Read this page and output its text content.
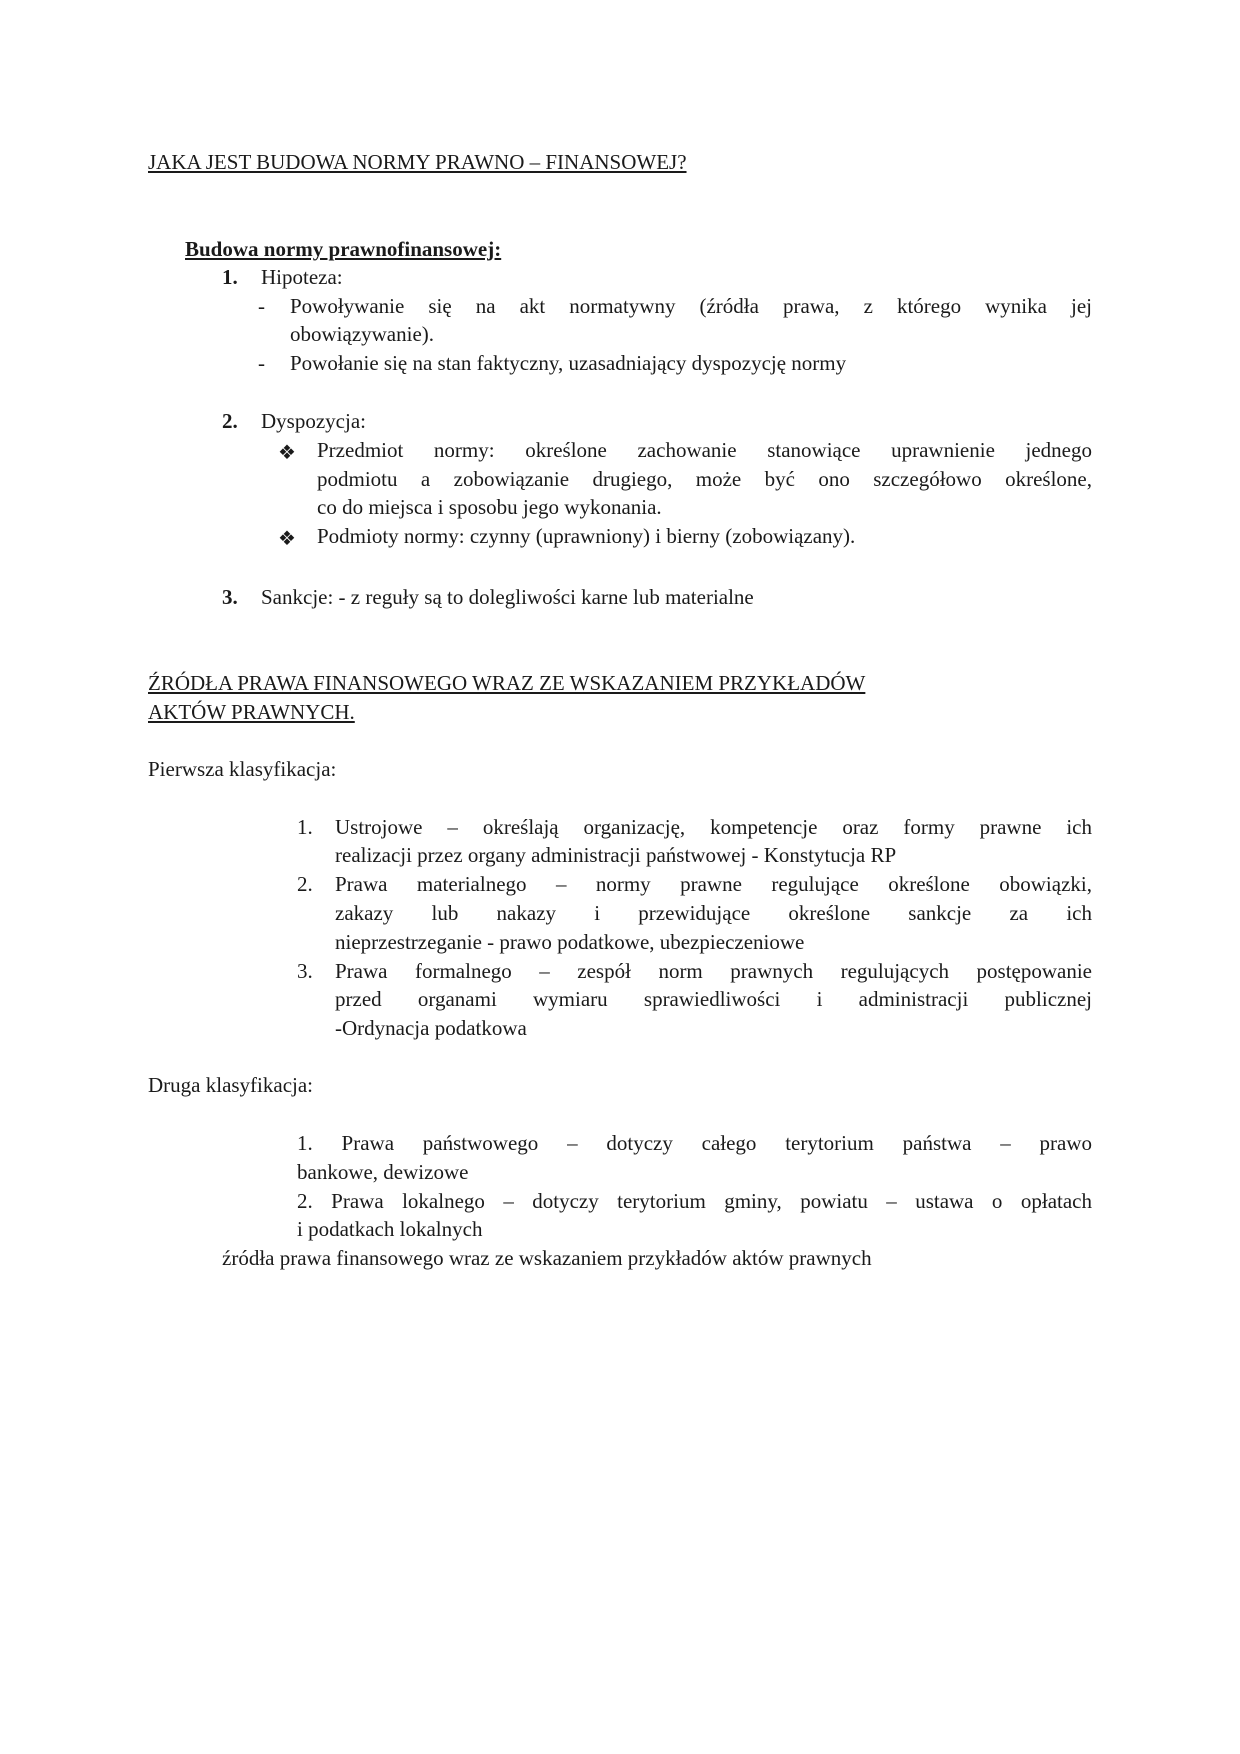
JAKA JEST BUDOWA NORMY PRAWNO – FINANSOWEJ?
Budowa normy prawnofinansowej:
1. Hipoteza:
- Powoływanie się na akt normatywny (źródła prawa, z którego wynika jej
obowiązywanie).
- Powołanie się na stan faktyczny, uzasadniający dyspozycję normy
2. Dyspozycja:
❖ Przedmiot normy: określone zachowanie stanowiące uprawnienie jednego
podmiotu a zobowiązanie drugiego, może być ono szczegółowo określone,
co do miejsca i sposobu jego wykonania.
❖ Podmioty normy: czynny (uprawniony) i bierny (zobowiązany).
3. Sankcje: - z reguły są to dolegliwości karne lub materialne
ŹRÓDŁA PRAWA FINANSOWEGO WRAZ ZE WSKAZANIEM PRZYKŁADÓW
AKTÓW PRAWNYCH.
Pierwsza klasyfikacja:
1. Ustrojowe – określają organizację, kompetencje oraz formy prawne ich
realizacji przez organy administracji państwowej - Konstytucja RP
2. Prawa materialnego – normy prawne regulujące określone obowiązki,
zakazy lub nakazy i przewidujące określone sankcje za ich
nieprzestrzeganie - prawo podatkowe, ubezpieczeniowe
3. Prawa formalnego – zespół norm prawnych regulujących postępowanie
przed organami wymiaru sprawiedliwości i administracji publicznej
-Ordynacja podatkowa
Druga klasyfikacja:
1. Prawa państwowego – dotyczy całego terytorium państwa – prawo
bankowe, dewizowe
2. Prawa lokalnego – dotyczy terytorium gminy, powiatu – ustawa o opłatach
i podatkach lokalnych
źródła prawa finansowego wraz ze wskazaniem przykładów aktów prawnych
